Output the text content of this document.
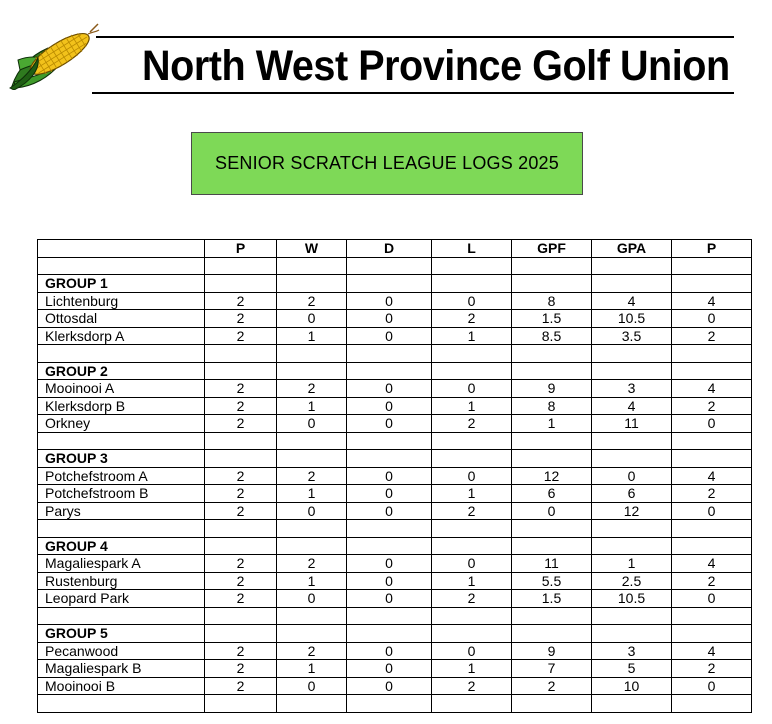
North West Province Golf Union
SENIOR SCRATCH LEAGUE LOGS 2025
	P	W	D	L	GPF	GPA	P

GROUP 1							
Lichtenburg	2	2	0	0	8	4	4
Ottosdal	2	0	0	2	1.5	10.5	0
Klerksdorp A	2	1	0	1	8.5	3.5	2

GROUP 2							
Mooinooi A	2	2	0	0	9	3	4
Klerksdorp B	2	1	0	1	8	4	2
Orkney	2	0	0	2	1	11	0

GROUP 3							
Potchefstroom A	2	2	0	0	12	0	4
Potchefstroom B	2	1	0	1	6	6	2
Parys	2	0	0	2	0	12	0

GROUP 4							
Magaliespark A	2	2	0	0	11	1	4
Rustenburg	2	1	0	1	5.5	2.5	2
Leopard Park	2	0	0	2	1.5	10.5	0

GROUP 5							
Pecanwood	2	2	0	0	9	3	4
Magaliespark B	2	1	0	1	7	5	2
Mooinooi B	2	0	0	2	2	10	0
